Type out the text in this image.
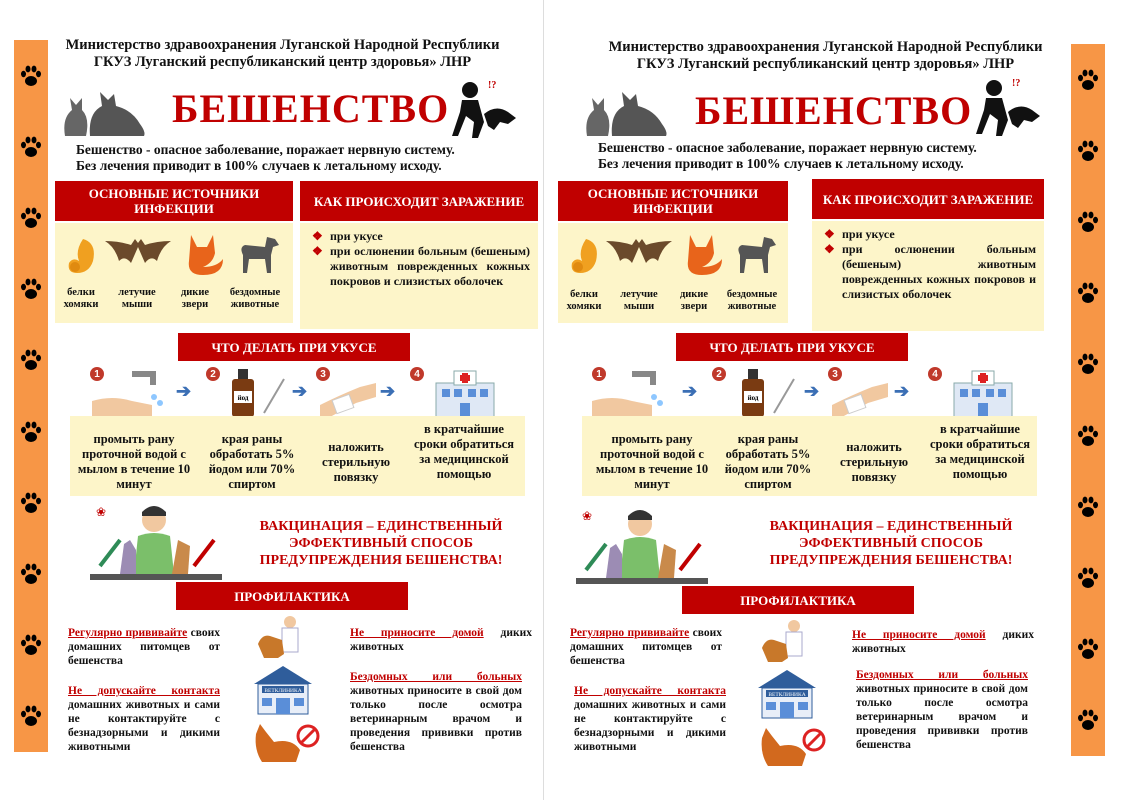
Министерство здравоохранения Луганской Народной Республики
ГКУЗ Луганский республиканский центр здоровья» ЛНР
БЕШЕНСТВО
!?
Бешенство - опасное заболевание, поражает нервную систему.
Без лечения приводит в 100% случаев к летальному исходу.
ОСНОВНЫЕ ИСТОЧНИКИ ИНФЕКЦИИ
белки хомяки
летучие мыши
дикие звери
бездомные животные
КАК ПРОИСХОДИТ ЗАРАЖЕНИЕ
❖ при укусе
❖ при ослюнении больным (бешеным) животным поврежденных кожных покровов и слизистых оболочек
ЧТО ДЕЛАТЬ ПРИ УКУСЕ
1
➔
2
йод ➔
3
➔
4
промыть рану проточной водой с мылом в течение 10 минут
края раны обработать 5% йодом или 70% спиртом
наложить стерильную повязку
в кратчайшие сроки обратиться за медицинской помощью
❀
ВАКЦИНАЦИЯ – ЕДИНСТВЕННЫЙ
ЭФФЕКТИВНЫЙ СПОСОБ
ПРЕДУПРЕЖДЕНИЯ БЕШЕНСТВА!
ПРОФИЛАКТИКА
Регулярно прививайте своих домашних питомцев от бешенства
Не допускайте контакта домашних животных и сами не контактируйте с безнадзорными и дикими животными
Не приносите домой диких животных
Бездомных или больных животных приносите в свой дом только после осмотра ветеринарным врачом и проведения прививки против бешенства
ВЕТКЛИНИКА
Министерство здравоохранения Луганской Народной Республики
ГКУЗ Луганский республиканский центр здоровья» ЛНР
БЕШЕНСТВО
!?
Бешенство - опасное заболевание, поражает нервную систему.
Без лечения приводит в 100% случаев к летальному исходу.
ОСНОВНЫЕ ИСТОЧНИКИ ИНФЕКЦИИ
белки хомяки
летучие мыши
дикие звери
бездомные животные
КАК ПРОИСХОДИТ ЗАРАЖЕНИЕ
❖ при укусе
❖ при ослюнении больным (бешеным) животным поврежденных кожных покровов и слизистых оболочек
ЧТО ДЕЛАТЬ ПРИ УКУСЕ
1
➔
2
йод	➔
3
➔
4
промыть рану проточной водой с мылом в течение 10 минут
края раны обработать 5% йодом или 70% спиртом
наложить стерильную повязку
в кратчайшие сроки обратиться за медицинской помощью
❀
ВАКЦИНАЦИЯ – ЕДИНСТВЕННЫЙ
ЭФФЕКТИВНЫЙ СПОСОБ
ПРЕДУПРЕЖДЕНИЯ БЕШЕНСТВА!
ПРОФИЛАКТИКА
Регулярно прививайте своих домашних питомцев от бешенства
Не допускайте контакта домашних животных и сами не контактируйте с безнадзорными и дикими животными
Не приносите домой диких животных
Бездомных или больных животных приносите в свой дом только после осмотра ветеринарным врачом и проведения прививки против бешенства
ВЕТКЛИНИКА
